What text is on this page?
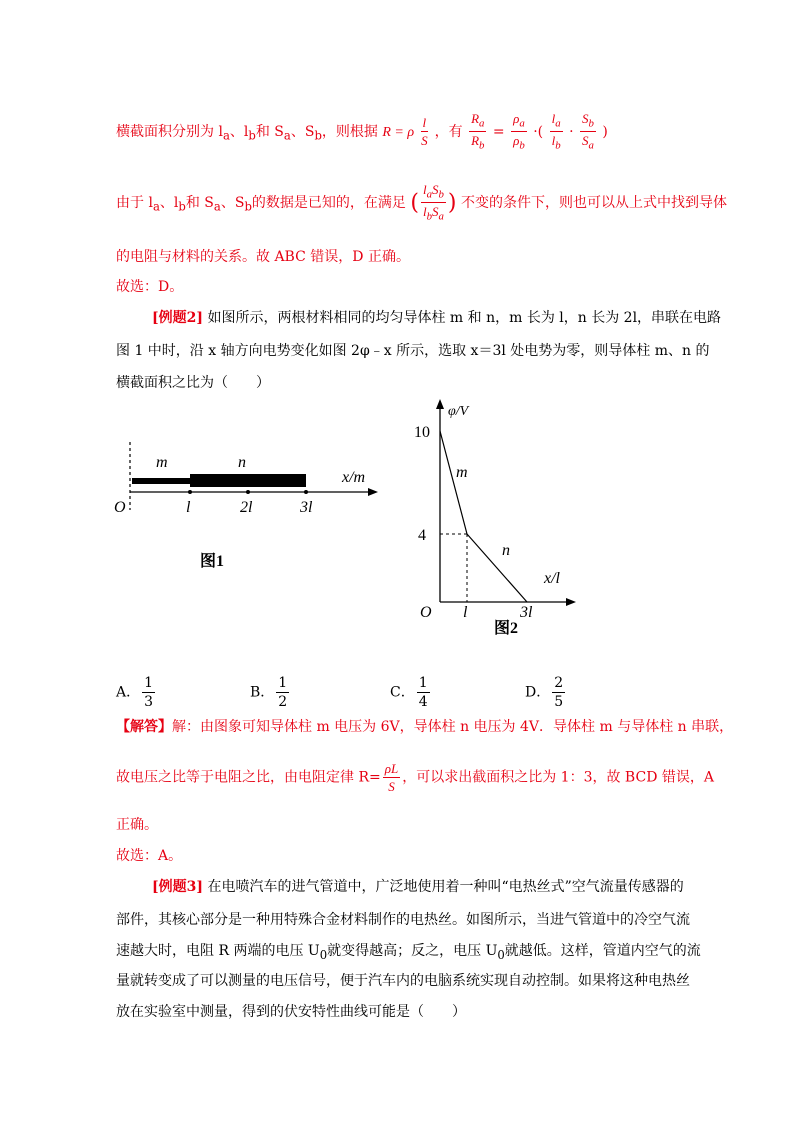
横截面积分别为 $l_a$、$l_b$和 $S_a$、$S_b$，则根据 R = ρ $\frac{l}{S}$ ，有 $\frac{R_a}{R_b} = \frac{\rho_a}{\rho_b}$ ·( $\frac{l_a}{l_b} \cdot \frac{S_b}{S_a}$ )
由于 $l_a$、$l_b$和 $S_a$、$S_b$的数据是已知的，在满足 ( $\frac{l_aS_b}{l_bS_a}$ ) 不变的条件下，则也可以从上式中找到导体
的电阻与材料的关系。故 ABC 错误，D 正确。
故选：D。
[例题2] 如图所示，两根材料相同的均匀导体柱 m 和 n，m 长为 l，n 长为 2l，串联在电路
图 1 中时，沿 x 轴方向电势变化如图 2φ﹣x 所示，选取 x＝3l 处电势为零，则导体柱 m、n 的
横截面积之比为（　　）
m	n
x/m
O	l	2l	3l
图1
φ/V
10
4
m
n
x/l
O l	3l
图2
A． $\frac{1}{3}$	B． $\frac{1}{2}$	C． $\frac{1}{4}$	D． $\frac{2}{5}$
【解答】解：由图象可知导体柱 m 电压为 6V，导体柱 n 电压为 4V．导体柱 m 与导体柱 n 串联，
故电压之比等于电阻之比，由电阻定律 $R= \frac{\rho L}{S}$ ，可以求出截面积之比为 1：3，故 BCD 错误，A
正确。
故选：A。
[例题3] 在电喷汽车的进气管道中，广泛地使用着一种叫“电热丝式”空气流量传感器的
部件，其核心部分是一种用特殊合金材料制作的电热丝。如图所示，当进气管道中的冷空气流
速越大时，电阻 R 两端的电压 $U_0$就变得越高；反之，电压 $U_0$就越低。这样，管道内空气的流
量就转变成了可以测量的电压信号，便于汽车内的电脑系统实现自动控制。如果将这种电热丝
放在实验室中测量，得到的伏安特性曲线可能是（　　）
